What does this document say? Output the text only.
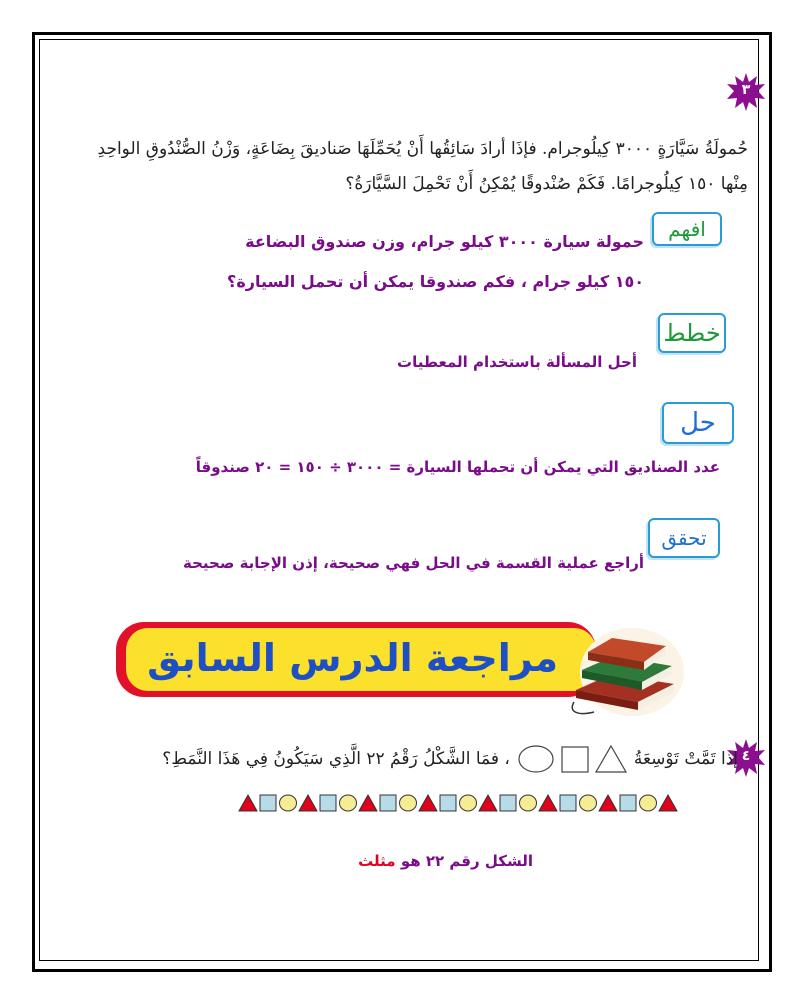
٣
حُمولَةُ سَيَّارَةٍ ٣٠٠٠ كِيلُوجرام. فإذَا أرادَ سَائِقُها أَنْ يُحَمِّلَهَا صَناديقَ بِضَاعَةٍ، وَزْنُ الصُّنْدُوقِ الواحِدِ
مِنْها ١٥٠ كِيلُوجرامًا. فَكَمْ صُنْدوقًا يُمْكِنُ أَنْ تَحْمِلَ السَّيَّارَةُ؟
افهم
حمولة سيارة ٣٠٠٠ كيلو جرام، وزن صندوق البضاعة
١٥٠ كيلو جرام ، فكم صندوقا يمكن أن تحمل السيارة؟
خطط
أحل المسألة باستخدام المعطيات
حل
عدد الصناديق التي يمكن أن تحملها السيارة = ٣٠٠٠ ÷ ١٥٠ = ٢٠ صندوقاً
تحقق
أراجع عملية القسمة في الحل فهي صحيحة، إذن الإجابة صحيحة
مراجعة الدرس السابق
٤
إذا تَمَّتْ تَوْسِعَةُ
، فمَا الشَّكْلُ رَقْمُ ٢٢ الَّذِي سَيَكُونُ فِي هَذَا النَّمَطِ؟
الشكل رقم ٢٢ هو مثلث
